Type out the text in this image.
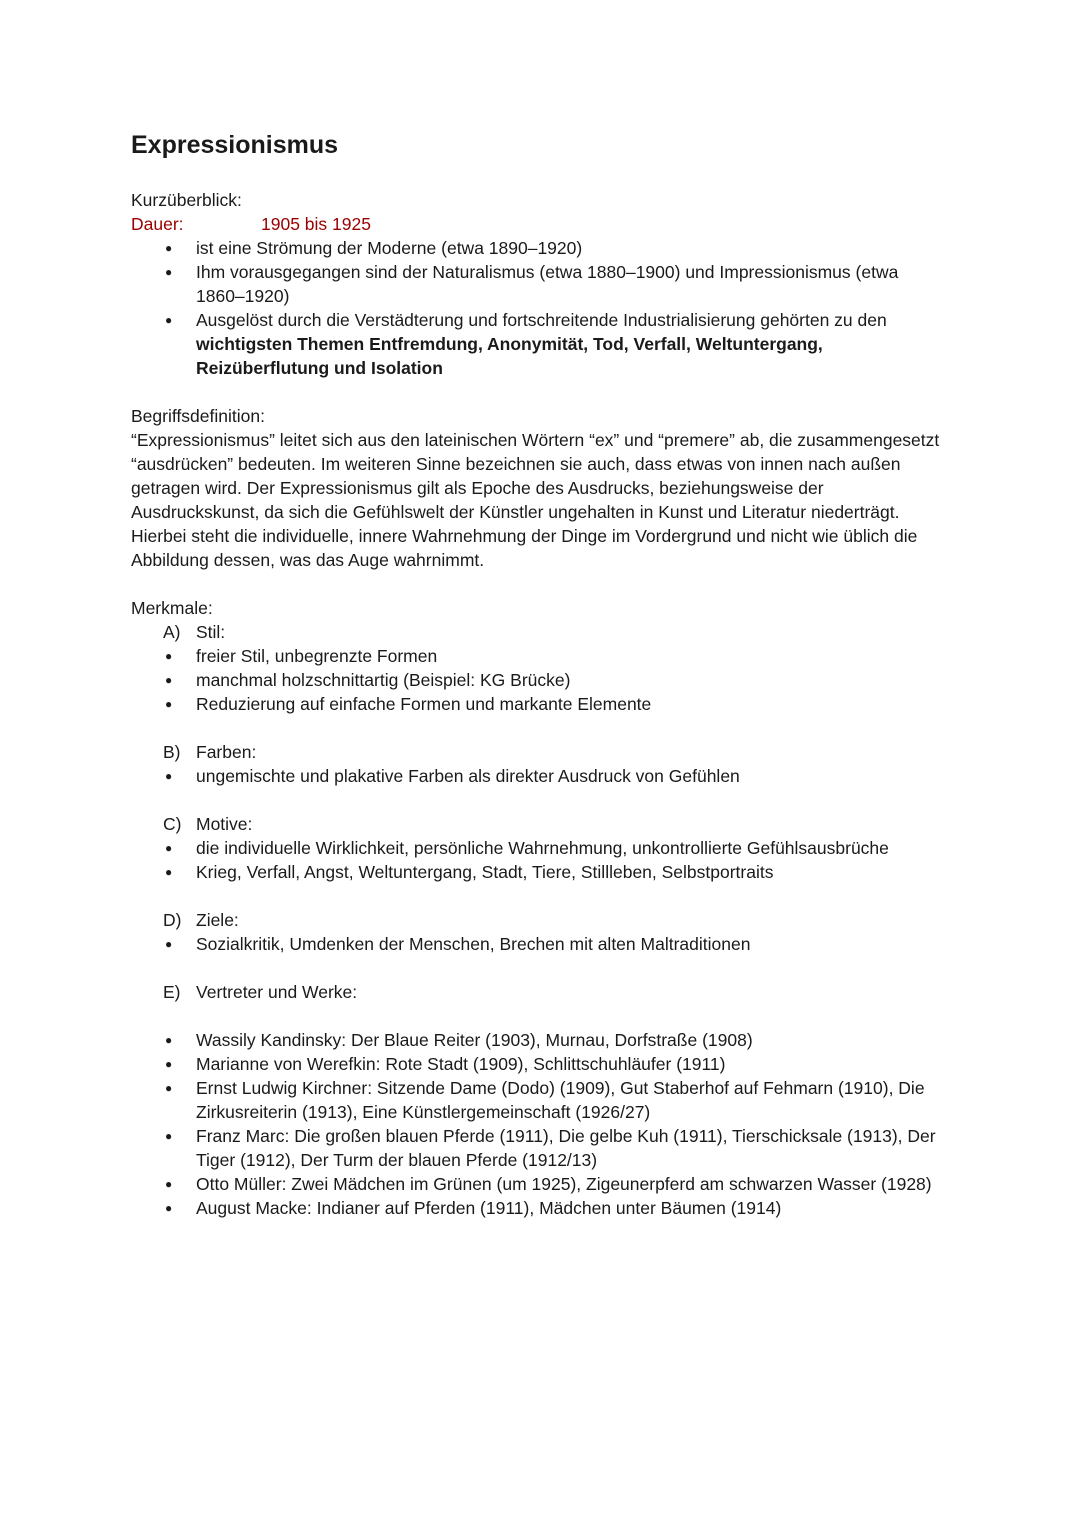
Expressionismus

Kurzüberblick:

Dauer:	1905 bis 1925
● ist eine Strömung der Moderne (etwa 1890–1920)
● Ihm vorausgegangen sind der Naturalismus (etwa 1880–1900) und Impressionismus (etwa 1860–1920)
● Ausgelöst durch die Verstädterung und fortschreitende Industrialisierung gehörten zu den wichtigsten Themen Entfremdung, Anonymität, Tod, Verfall, Weltuntergang, Reizüberflutung und Isolation

Begriffsdefinition:

“Expressionismus” leitet sich aus den lateinischen Wörtern “ex” und “premere” ab, die zusammengesetzt “ausdrücken” bedeuten. Im weiteren Sinne bezeichnen sie auch, dass etwas von innen nach außen getragen wird. Der Expressionismus gilt als Epoche des Ausdrucks, beziehungsweise der Ausdruckskunst, da sich die Gefühlswelt der Künstler ungehalten in Kunst und Literatur niederträgt. Hierbei steht die individuelle, innere Wahrnehmung der Dinge im Vordergrund und nicht wie üblich die Abbildung dessen, was das Auge wahrnimmt.

Merkmale:

A) Stil:
● freier Stil, unbegrenzte Formen
● manchmal holzschnittartig (Beispiel: KG Brücke)
● Reduzierung auf einfache Formen und markante Elemente
B) Farben:
● ungemischte und plakative Farben als direkter Ausdruck von Gefühlen
C) Motive:
● die individuelle Wirklichkeit, persönliche Wahrnehmung, unkontrollierte Gefühlsausbrüche
● Krieg, Verfall, Angst, Weltuntergang, Stadt, Tiere, Stillleben, Selbstportraits
D) Ziele:
● Sozialkritik, Umdenken der Menschen, Brechen mit alten Maltraditionen
E) Vertreter und Werke:
● Wassily Kandinsky: Der Blaue Reiter (1903), Murnau, Dorfstraße (1908)
● Marianne von Werefkin: Rote Stadt (1909), Schlittschuhläufer (1911)
● Ernst Ludwig Kirchner: Sitzende Dame (Dodo) (1909), Gut Staberhof auf Fehmarn (1910), Die Zirkusreiterin (1913), Eine Künstlergemeinschaft (1926/27)
● Franz Marc: Die großen blauen Pferde (1911), Die gelbe Kuh (1911), Tierschicksale (1913), Der Tiger (1912), Der Turm der blauen Pferde (1912/13)
● Otto Müller: Zwei Mädchen im Grünen (um 1925), Zigeunerpferd am schwarzen Wasser (1928)
● August Macke: Indianer auf Pferden (1911), Mädchen unter Bäumen (1914)
